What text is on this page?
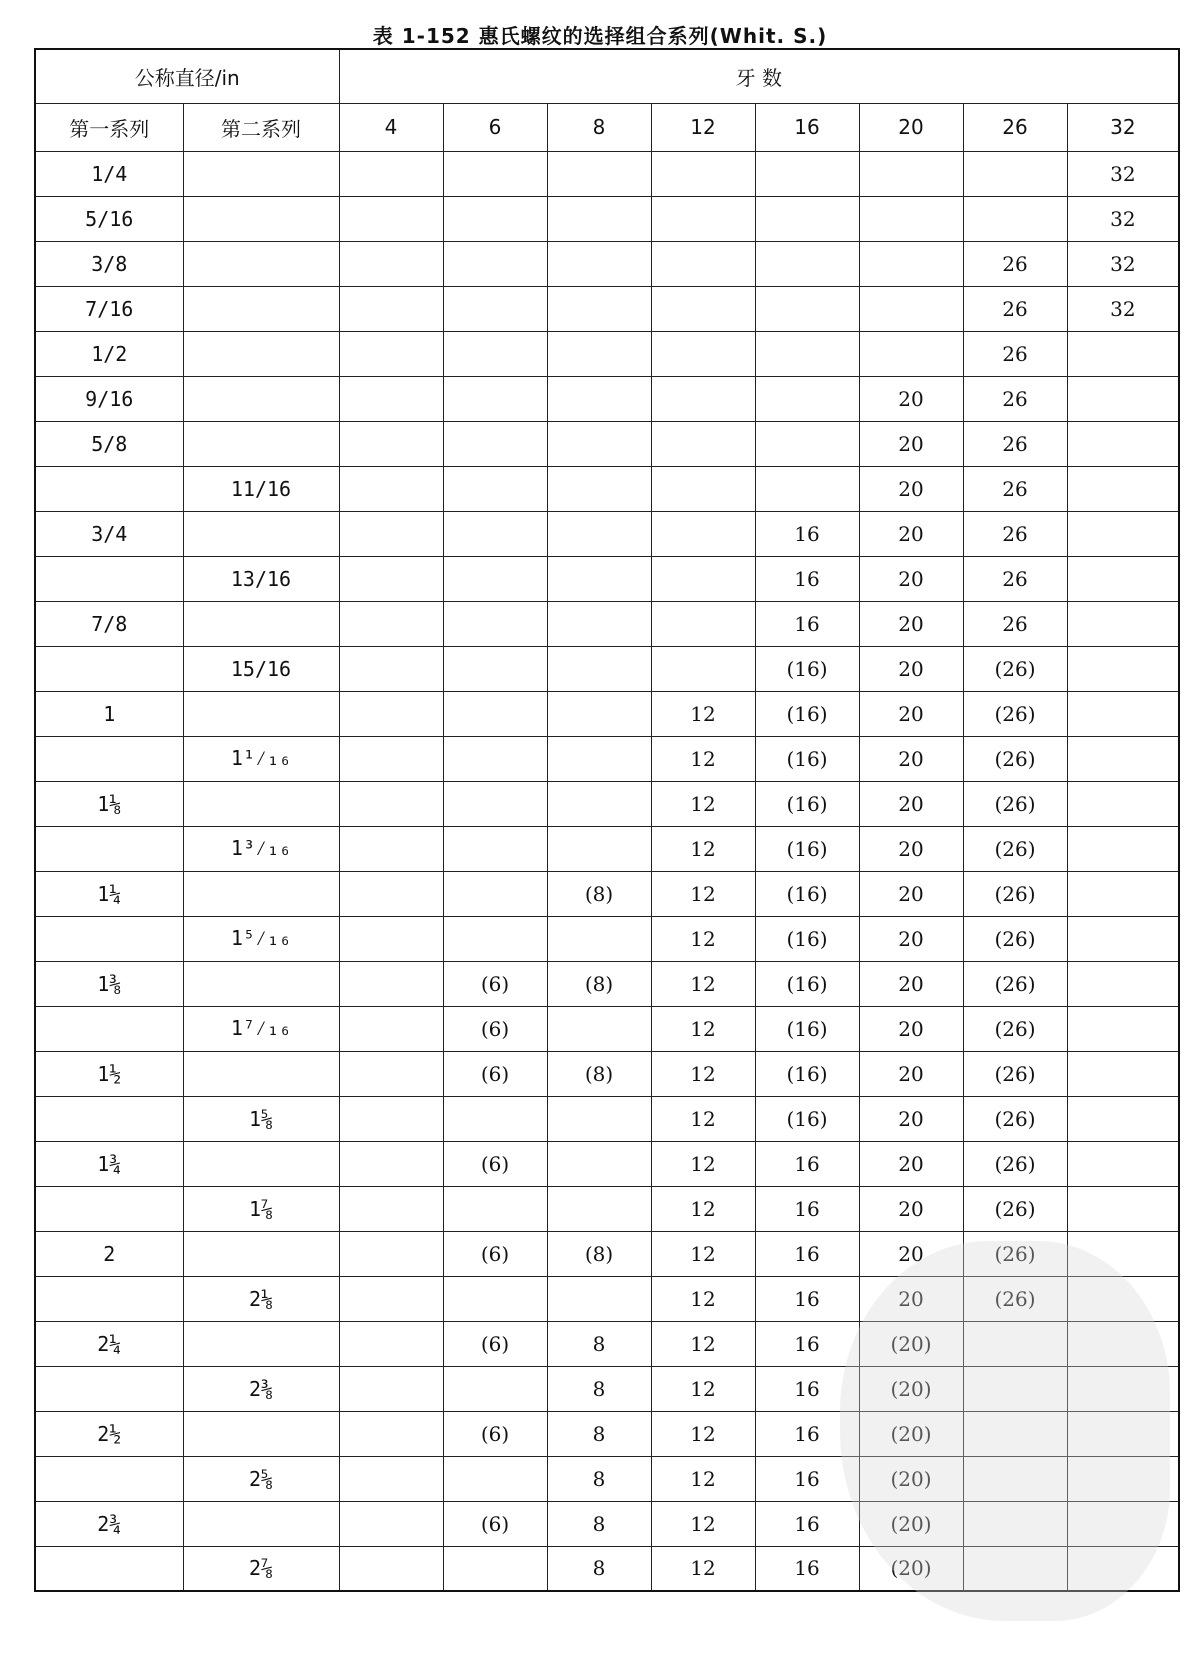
表 1-152 惠氏螺纹的选择组合系列(Whit. S.)
公称直径/in		牙 数							
第一系列	第二系列	4	6	8	12	16	20	26	32
1/4									32
5/16									32
3/8								26	32
7/16								26	32
1/2								26	
9/16							20	26	
5/8							20	26	
	11/16						20	26	
3/4						16	20	26	
	13/16					16	20	26	
7/8						16	20	26	
	15/16					(16)	20	(26)	
1					12	(16)	20	(26)	
	1¹⁄₁₆				12	(16)	20	(26)	
1⅛					12	(16)	20	(26)	
	1³⁄₁₆				12	(16)	20	(26)	
1¼				(8)	12	(16)	20	(26)	
	1⁵⁄₁₆				12	(16)	20	(26)	
1⅜			(6)	(8)	12	(16)	20	(26)	
	1⁷⁄₁₆		(6)		12	(16)	20	(26)	
1½			(6)	(8)	12	(16)	20	(26)	
	1⅝				12	(16)	20	(26)	
1¾			(6)		12	16	20	(26)	
	1⅞				12	16	20	(26)	
2			(6)	(8)	12	16	20	(26)	
	2⅛				12	16	20	(26)	
2¼			(6)	8	12	16	(20)		
	2⅜			8	12	16	(20)		
2½			(6)	8	12	16	(20)		
	2⅝			8	12	16	(20)		
2¾			(6)	8	12	16	(20)		
	2⅞			8	12	16	(20)		
